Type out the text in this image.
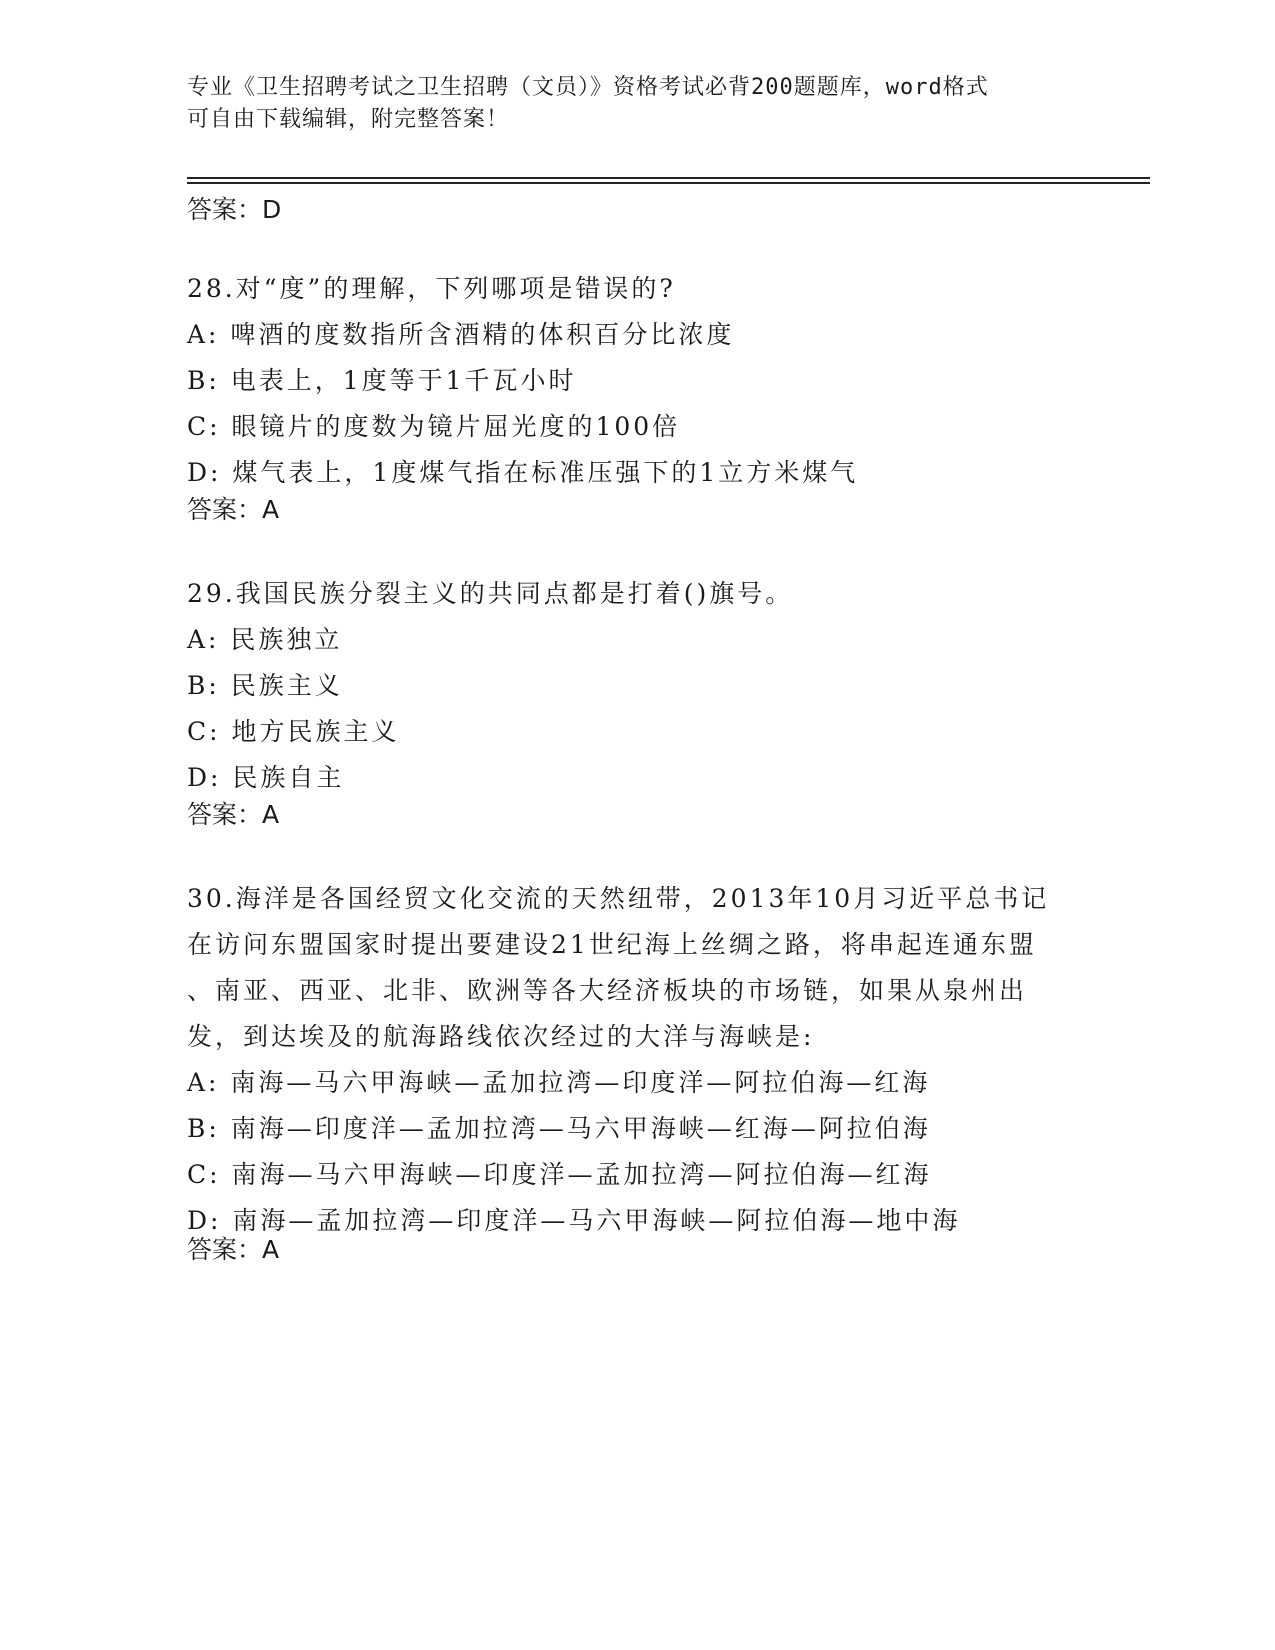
专业《卫生招聘考试之卫生招聘（文员）》资格考试必背200题题库，word格式
可自由下载编辑，附完整答案！
答案：D
28.对“度”的理解，下列哪项是错误的?
A: 啤酒的度数指所含酒精的体积百分比浓度
B: 电表上，1度等于1千瓦小时
C: 眼镜片的度数为镜片屈光度的100倍
D: 煤气表上，1度煤气指在标准压强下的1立方米煤气
答案：A
29.我国民族分裂主义的共同点都是打着()旗号。
A: 民族独立
B: 民族主义
C: 地方民族主义
D: 民族自主
答案：A
30.海洋是各国经贸文化交流的天然纽带，2013年10月习近平总书记
在访问东盟国家时提出要建设21世纪海上丝绸之路，将串起连通东盟
、南亚、西亚、北非、欧洲等各大经济板块的市场链，如果从泉州出
发，到达埃及的航海路线依次经过的大洋与海峡是:
A: 南海—马六甲海峡—孟加拉湾—印度洋—阿拉伯海—红海
B: 南海—印度洋—孟加拉湾—马六甲海峡—红海—阿拉伯海
C: 南海—马六甲海峡—印度洋—孟加拉湾—阿拉伯海—红海
D: 南海—孟加拉湾—印度洋—马六甲海峡—阿拉伯海—地中海
答案：A
